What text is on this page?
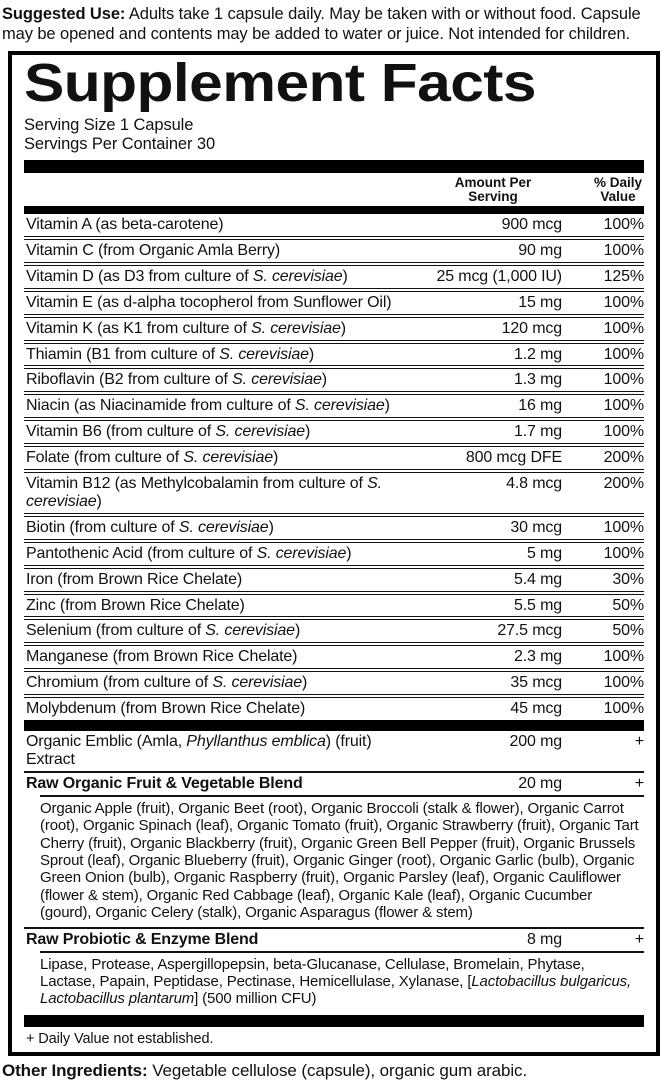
Suggested Use: Adults take 1 capsule daily. May be taken with or without food. Capsule may be opened and contents may be added to water or juice. Not intended for children.

Supplement Facts
Serving Size 1 Capsule
Servings Per Container 30
Amount Per Serving
% Daily Value
Vitamin A (as beta-carotene)	900 mcg	100%
Vitamin C (from Organic Amla Berry)	90 mg	100%
Vitamin D (as D3 from culture of S. cerevisiae)	25 mcg (1,000 IU)	125%
Vitamin E (as d-alpha tocopherol from Sunflower Oil)	15 mg	100%
Vitamin K (as K1 from culture of S. cerevisiae)	120 mcg	100%
Thiamin (B1 from culture of S. cerevisiae)	1.2 mg	100%
Riboflavin (B2 from culture of S. cerevisiae)	1.3 mg	100%
Niacin (as Niacinamide from culture of S. cerevisiae)	16 mg	100%
Vitamin B6 (from culture of S. cerevisiae)	1.7 mg	100%
Folate (from culture of S. cerevisiae)	800 mcg DFE	200%
Vitamin B12 (as Methylcobalamin from culture of S. cerevisiae)
4.8 mcg	200%
Biotin (from culture of S. cerevisiae)	30 mcg	100%
Pantothenic Acid (from culture of S. cerevisiae)	5 mg	100%
Iron (from Brown Rice Chelate)	5.4 mg	30%
Zinc (from Brown Rice Chelate)	5.5 mg	50%
Selenium (from culture of S. cerevisiae)	27.5 mcg	50%
Manganese (from Brown Rice Chelate)	2.3 mg	100%
Chromium (from culture of S. cerevisiae)	35 mcg	100%
Molybdenum (from Brown Rice Chelate)	45 mcg	100%
Organic Emblic (Amla, Phyllanthus emblica) (fruit) Extract
200 mg	+
Raw Organic Fruit & Vegetable Blend	20 mg	+
Organic Apple (fruit), Organic Beet (root), Organic Broccoli (stalk & flower), Organic Carrot (root), Organic Spinach (leaf), Organic Tomato (fruit), Organic Strawberry (fruit), Organic Tart Cherry (fruit), Organic Blackberry (fruit), Organic Green Bell Pepper (fruit), Organic Brussels Sprout (leaf), Organic Blueberry (fruit), Organic Ginger (root), Organic Garlic (bulb), Organic Green Onion (bulb), Organic Raspberry (fruit), Organic Parsley (leaf), Organic Cauliflower (flower & stem), Organic Red Cabbage (leaf), Organic Kale (leaf), Organic Cucumber (gourd), Organic Celery (stalk), Organic Asparagus (flower & stem)
Raw Probiotic & Enzyme Blend	8 mg	+
Lipase, Protease, Aspergillopepsin, beta-Glucanase, Cellulase, Bromelain, Phytase, Lactase, Papain, Peptidase, Pectinase, Hemicellulase, Xylanase, [Lactobacillus bulgaricus, Lactobacillus plantarum] (500 million CFU)
+ Daily Value not established.

Other Ingredients: Vegetable cellulose (capsule), organic gum arabic.
